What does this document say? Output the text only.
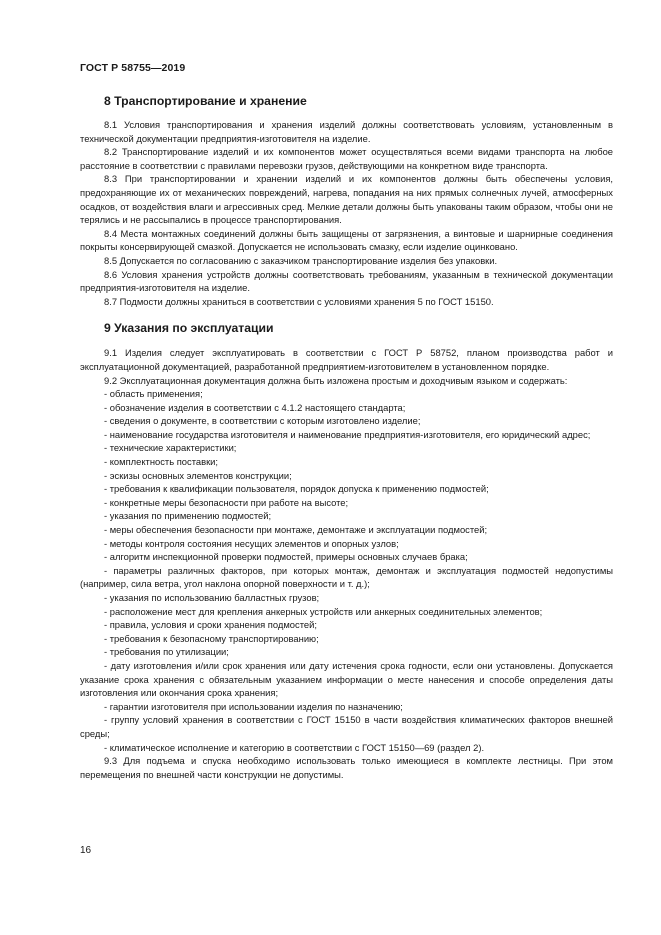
ГОСТ Р 58755—2019
8 Транспортирование и хранение

8.1 Условия транспортирования и хранения изделий должны соответствовать условиям, установленным в технической документации предприятия-изготовителя на изделие.

8.2 Транспортирование изделий и их компонентов может осуществляться всеми видами транспорта на любое расстояние в соответствии с правилами перевозки грузов, действующими на конкретном виде транспорта.

8.3 При транспортировании и хранении изделий и их компонентов должны быть обеспечены условия, предохраняющие их от механических повреждений, нагрева, попадания на них прямых солнечных лучей, атмосферных осадков, от воздействия влаги и агрессивных сред. Мелкие детали должны быть упакованы таким образом, чтобы они не терялись и не рассыпались в процессе транспортирования.

8.4 Места монтажных соединений должны быть защищены от загрязнения, а винтовые и шарнирные соединения покрыты консервирующей смазкой. Допускается не использовать смазку, если изделие оцинковано.

8.5 Допускается по согласованию с заказчиком транспортирование изделия без упаковки.

8.6 Условия хранения устройств должны соответствовать требованиям, указанным в технической документации предприятия-изготовителя на изделие.

8.7 Подмости должны храниться в соответствии с условиями хранения 5 по ГОСТ 15150.

9 Указания по эксплуатации

9.1 Изделия следует эксплуатировать в соответствии с ГОСТ Р 58752, планом производства работ и эксплуатационной документацией, разработанной предприятием-изготовителем в установленном порядке.

9.2 Эксплуатационная документация должна быть изложена простым и доходчивым языком и содержать:

- область применения;

- обозначение изделия в соответствии с 4.1.2 настоящего стандарта;

- сведения о документе, в соответствии с которым изготовлено изделие;

- наименование государства изготовителя и наименование предприятия-изготовителя, его юридический адрес;

- технические характеристики;

- комплектность поставки;

- эскизы основных элементов конструкции;

- требования к квалификации пользователя, порядок допуска к применению подмостей;

- конкретные меры безопасности при работе на высоте;

- указания по применению подмостей;

- меры обеспечения безопасности при монтаже, демонтаже и эксплуатации подмостей;

- методы контроля состояния несущих элементов и опорных узлов;

- алгоритм инспекционной проверки подмостей, примеры основных случаев брака;

- параметры различных факторов, при которых монтаж, демонтаж и эксплуатация подмостей недопустимы (например, сила ветра, угол наклона опорной поверхности и т. д.);

- указания по использованию балластных грузов;

- расположение мест для крепления анкерных устройств или анкерных соединительных элементов;

- правила, условия и сроки хранения подмостей;

- требования к безопасному транспортированию;

- требования по утилизации;

- дату изготовления и/или срок хранения или дату истечения срока годности, если они установлены. Допускается указание срока хранения с обязательным указанием информации о месте нанесения и способе определения даты изготовления или окончания срока хранения;

- гарантии изготовителя при использовании изделия по назначению;

- группу условий хранения в соответствии с ГОСТ 15150 в части воздействия климатических факторов внешней среды;

- климатическое исполнение и категорию в соответствии с ГОСТ 15150—69 (раздел 2).

9.3 Для подъема и спуска необходимо использовать только имеющиеся в комплекте лестницы. При этом перемещения по внешней части конструкции не допустимы.

16
